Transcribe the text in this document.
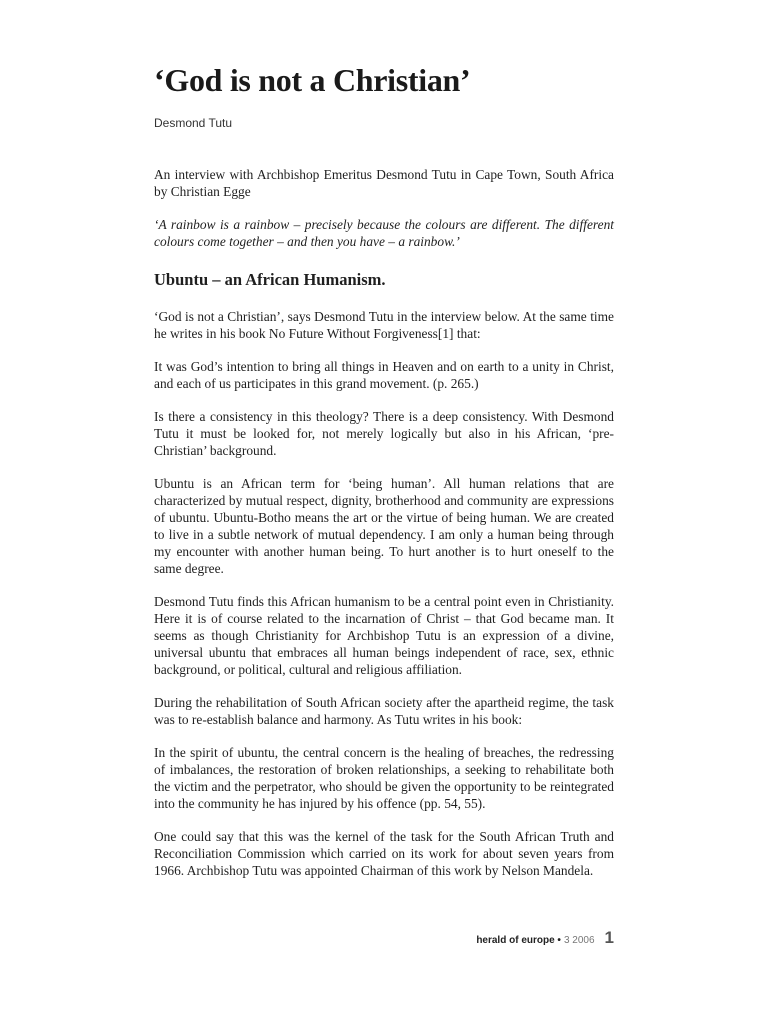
‘God is not a Christian’
Desmond Tutu

An interview with Archbishop Emeritus Desmond Tutu in Cape Town, South Africa by Christian Egge

‘A rainbow is a rainbow – precisely because the colours are different. The different colours come together – and then you have – a rainbow.’

Ubuntu – an African Humanism.

‘God is not a Christian’, says Desmond Tutu in the interview below. At the same time he writes in his book No Future Without Forgiveness[1] that:

It was God’s intention to bring all things in Heaven and on earth to a unity in Christ, and each of us participates in this grand movement. (p. 265.)

Is there a consistency in this theology? There is a deep consistency. With Desmond Tutu it must be looked for, not merely logically but also in his African, ‘pre-Christian’ background.

Ubuntu is an African term for ‘being human’. All human relations that are characterized by mutual respect, dignity, brotherhood and community are expressions of ubuntu. Ubuntu-Botho means the art or the virtue of being human. We are created to live in a subtle network of mutual dependency. I am only a human being through my encounter with another human being. To hurt another is to hurt oneself to the same degree.

Desmond Tutu finds this African humanism to be a central point even in Christianity. Here it is of course related to the incarnation of Christ – that God became man. It seems as though Christianity for Archbishop Tutu is an expression of a divine, universal ubuntu that embraces all human beings independent of race, sex, ethnic background, or political, cultural and religious affiliation.

During the rehabilitation of South African society after the apartheid regime, the task was to re-establish balance and harmony. As Tutu writes in his book:

In the spirit of ubuntu, the central concern is the healing of breaches, the redressing of imbalances, the restoration of broken relationships, a seeking to rehabilitate both the victim and the perpetrator, who should be given the opportunity to be reintegrated into the community he has injured by his offence (pp. 54, 55).

One could say that this was the kernel of the task for the South African Truth and Reconciliation Commission which carried on its work for about seven years from 1966. Archbishop Tutu was appointed Chairman of this work by Nelson Mandela.

herald of europe • 3 2006 1
